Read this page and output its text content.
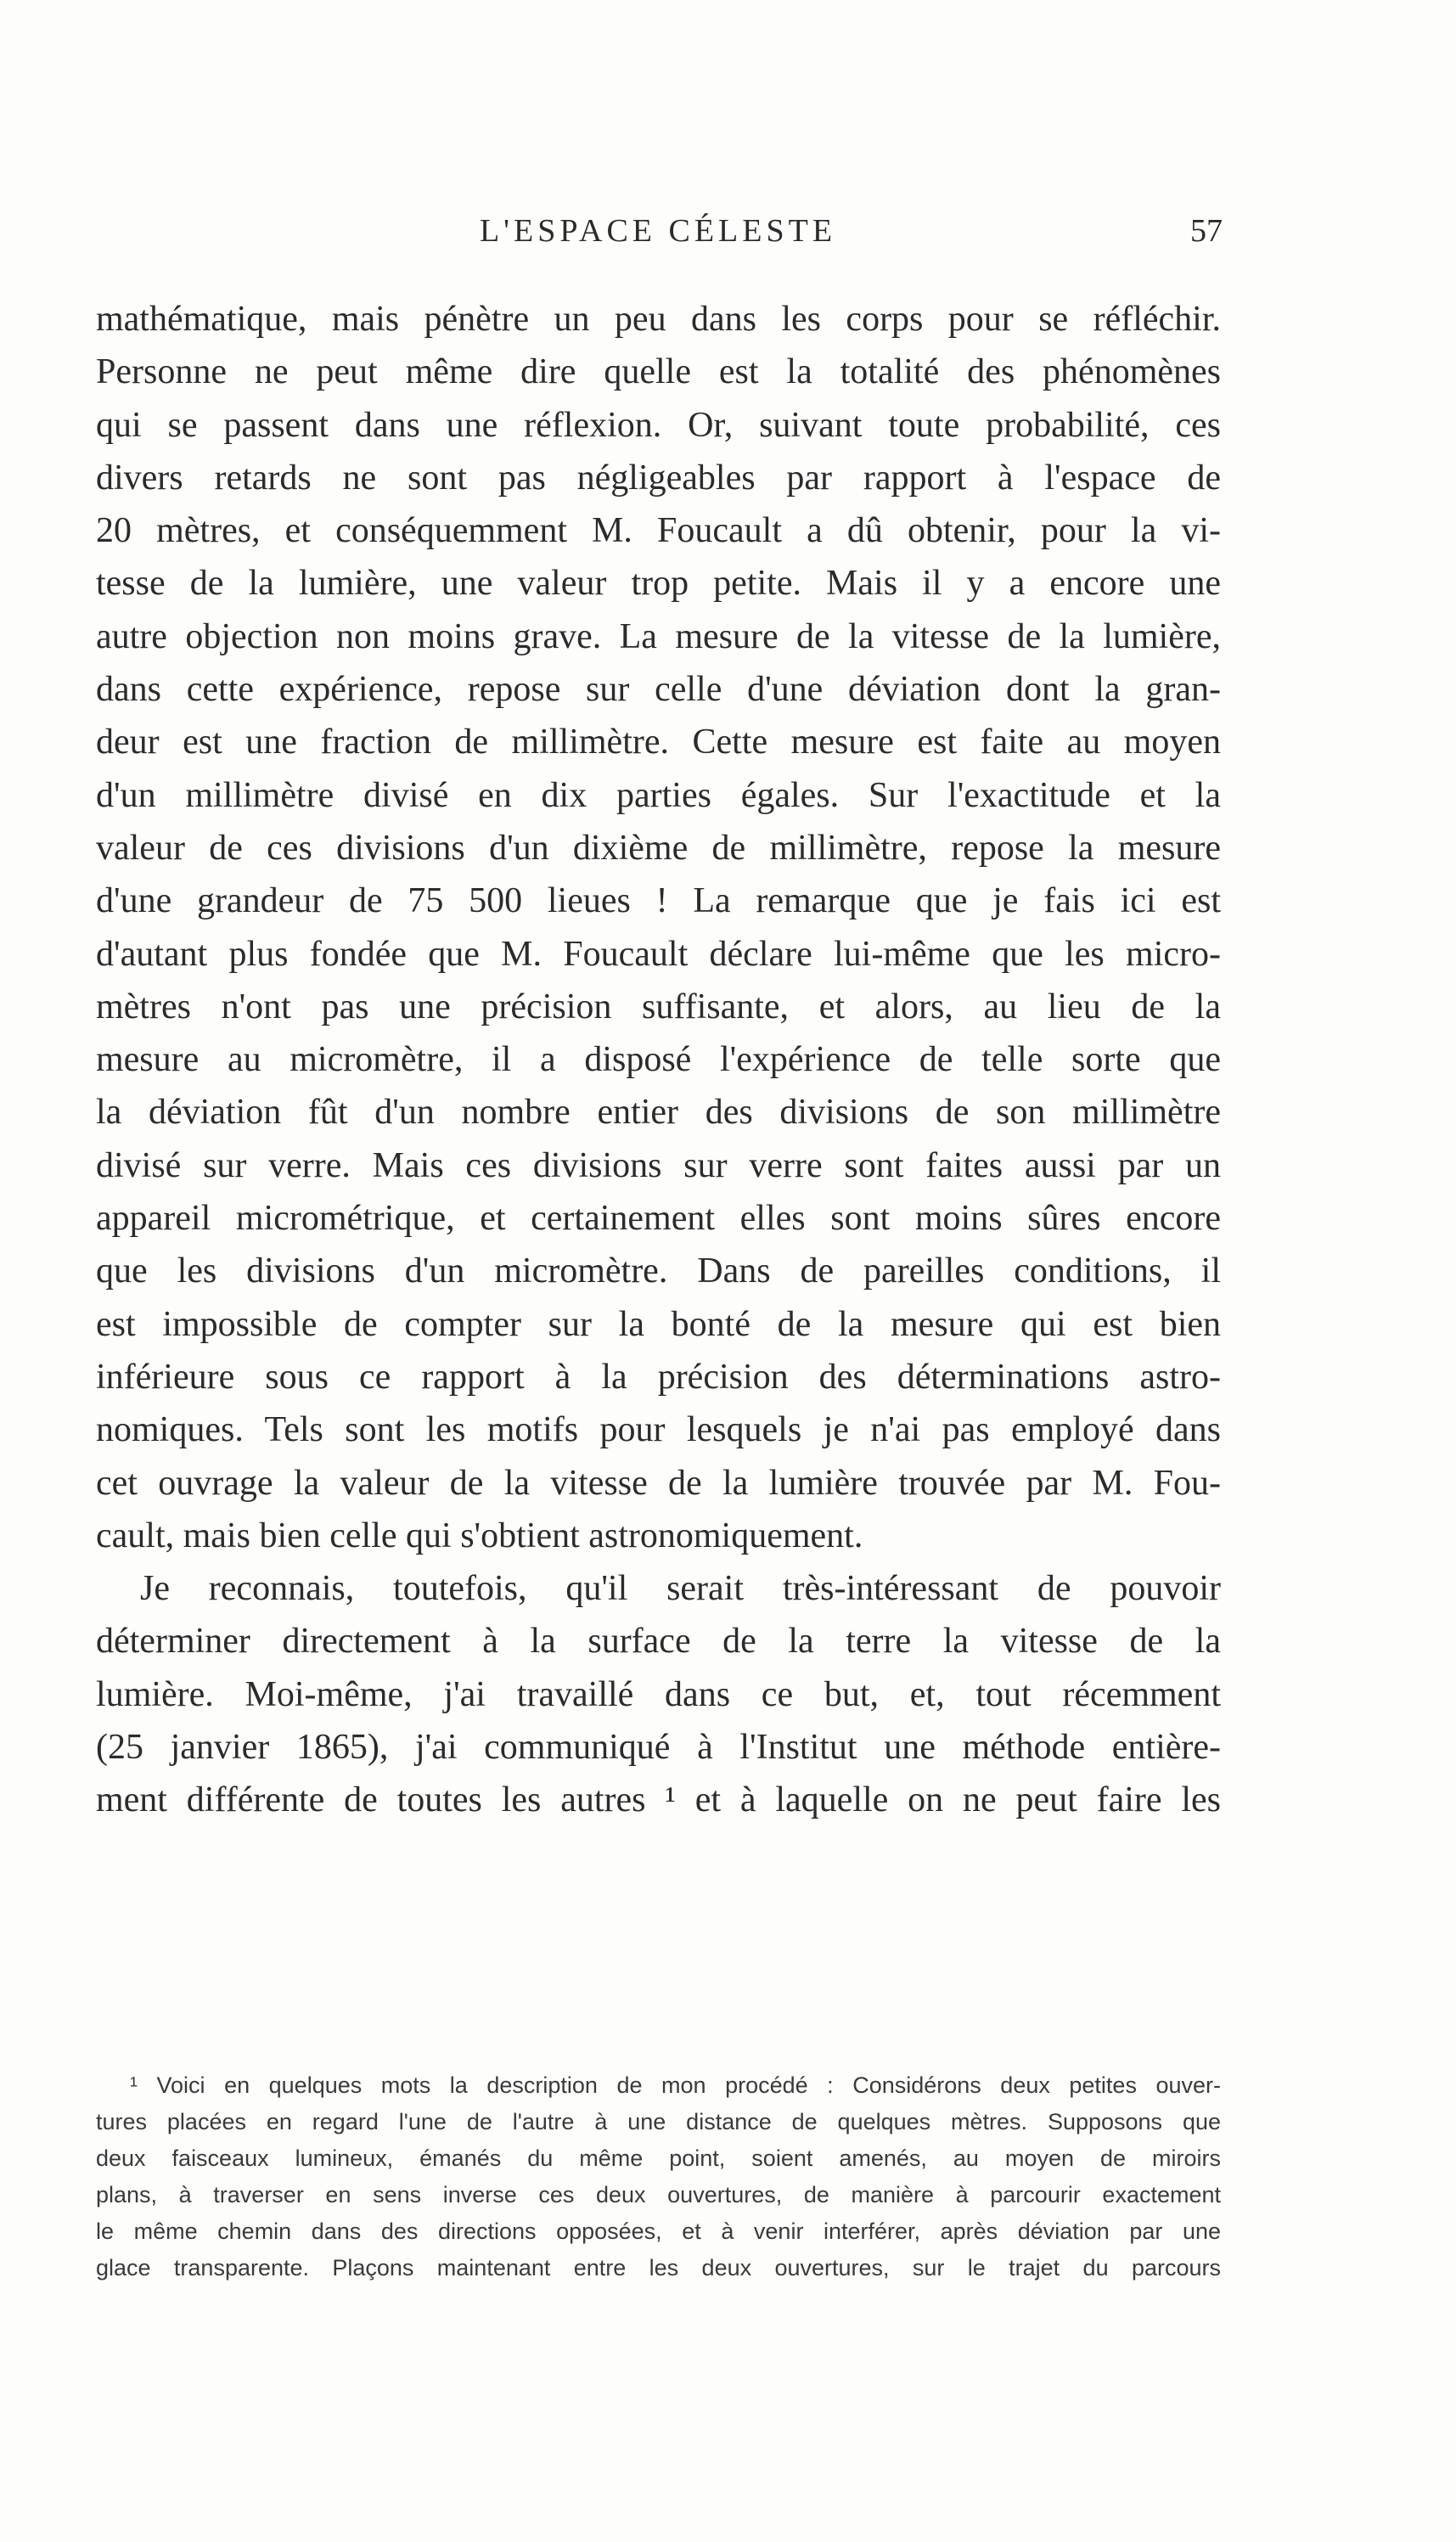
L'ESPACE CÉLESTE	57
mathématique, mais pénètre un peu dans les corps pour se réfléchir.
Personne ne peut même dire quelle est la totalité des phénomènes
qui se passent dans une réflexion. Or, suivant toute probabilité, ces
divers retards ne sont pas négligeables par rapport à l'espace de
20 mètres, et conséquemment M. Foucault a dû obtenir, pour la vi-
tesse de la lumière, une valeur trop petite. Mais il y a encore une
autre objection non moins grave. La mesure de la vitesse de la lumière,
dans cette expérience, repose sur celle d'une déviation dont la gran-
deur est une fraction de millimètre. Cette mesure est faite au moyen
d'un millimètre divisé en dix parties égales. Sur l'exactitude et la
valeur de ces divisions d'un dixième de millimètre, repose la mesure
d'une grandeur de 75 500 lieues ! La remarque que je fais ici est
d'autant plus fondée que M. Foucault déclare lui-même que les micro-
mètres n'ont pas une précision suffisante, et alors, au lieu de la
mesure au micromètre, il a disposé l'expérience de telle sorte que
la déviation fût d'un nombre entier des divisions de son millimètre
divisé sur verre. Mais ces divisions sur verre sont faites aussi par un
appareil micrométrique, et certainement elles sont moins sûres encore
que les divisions d'un micromètre. Dans de pareilles conditions, il
est impossible de compter sur la bonté de la mesure qui est bien
inférieure sous ce rapport à la précision des déterminations astro-
nomiques. Tels sont les motifs pour lesquels je n'ai pas employé dans
cet ouvrage la valeur de la vitesse de la lumière trouvée par M. Fou-
cault, mais bien celle qui s'obtient astronomiquement.
Je reconnais, toutefois, qu'il serait très-intéressant de pouvoir
déterminer directement à la surface de la terre la vitesse de la
lumière. Moi-même, j'ai travaillé dans ce but, et, tout récemment
(25 janvier 1865), j'ai communiqué à l'Institut une méthode entière-
ment différente de toutes les autres ¹ et à laquelle on ne peut faire les
¹ Voici en quelques mots la description de mon procédé : Considérons deux petites ouver-
tures placées en regard l'une de l'autre à une distance de quelques mètres. Supposons que
deux faisceaux lumineux, émanés du même point, soient amenés, au moyen de miroirs
plans, à traverser en sens inverse ces deux ouvertures, de manière à parcourir exactement
le même chemin dans des directions opposées, et à venir interférer, après déviation par une
glace transparente. Plaçons maintenant entre les deux ouvertures, sur le trajet du parcours
